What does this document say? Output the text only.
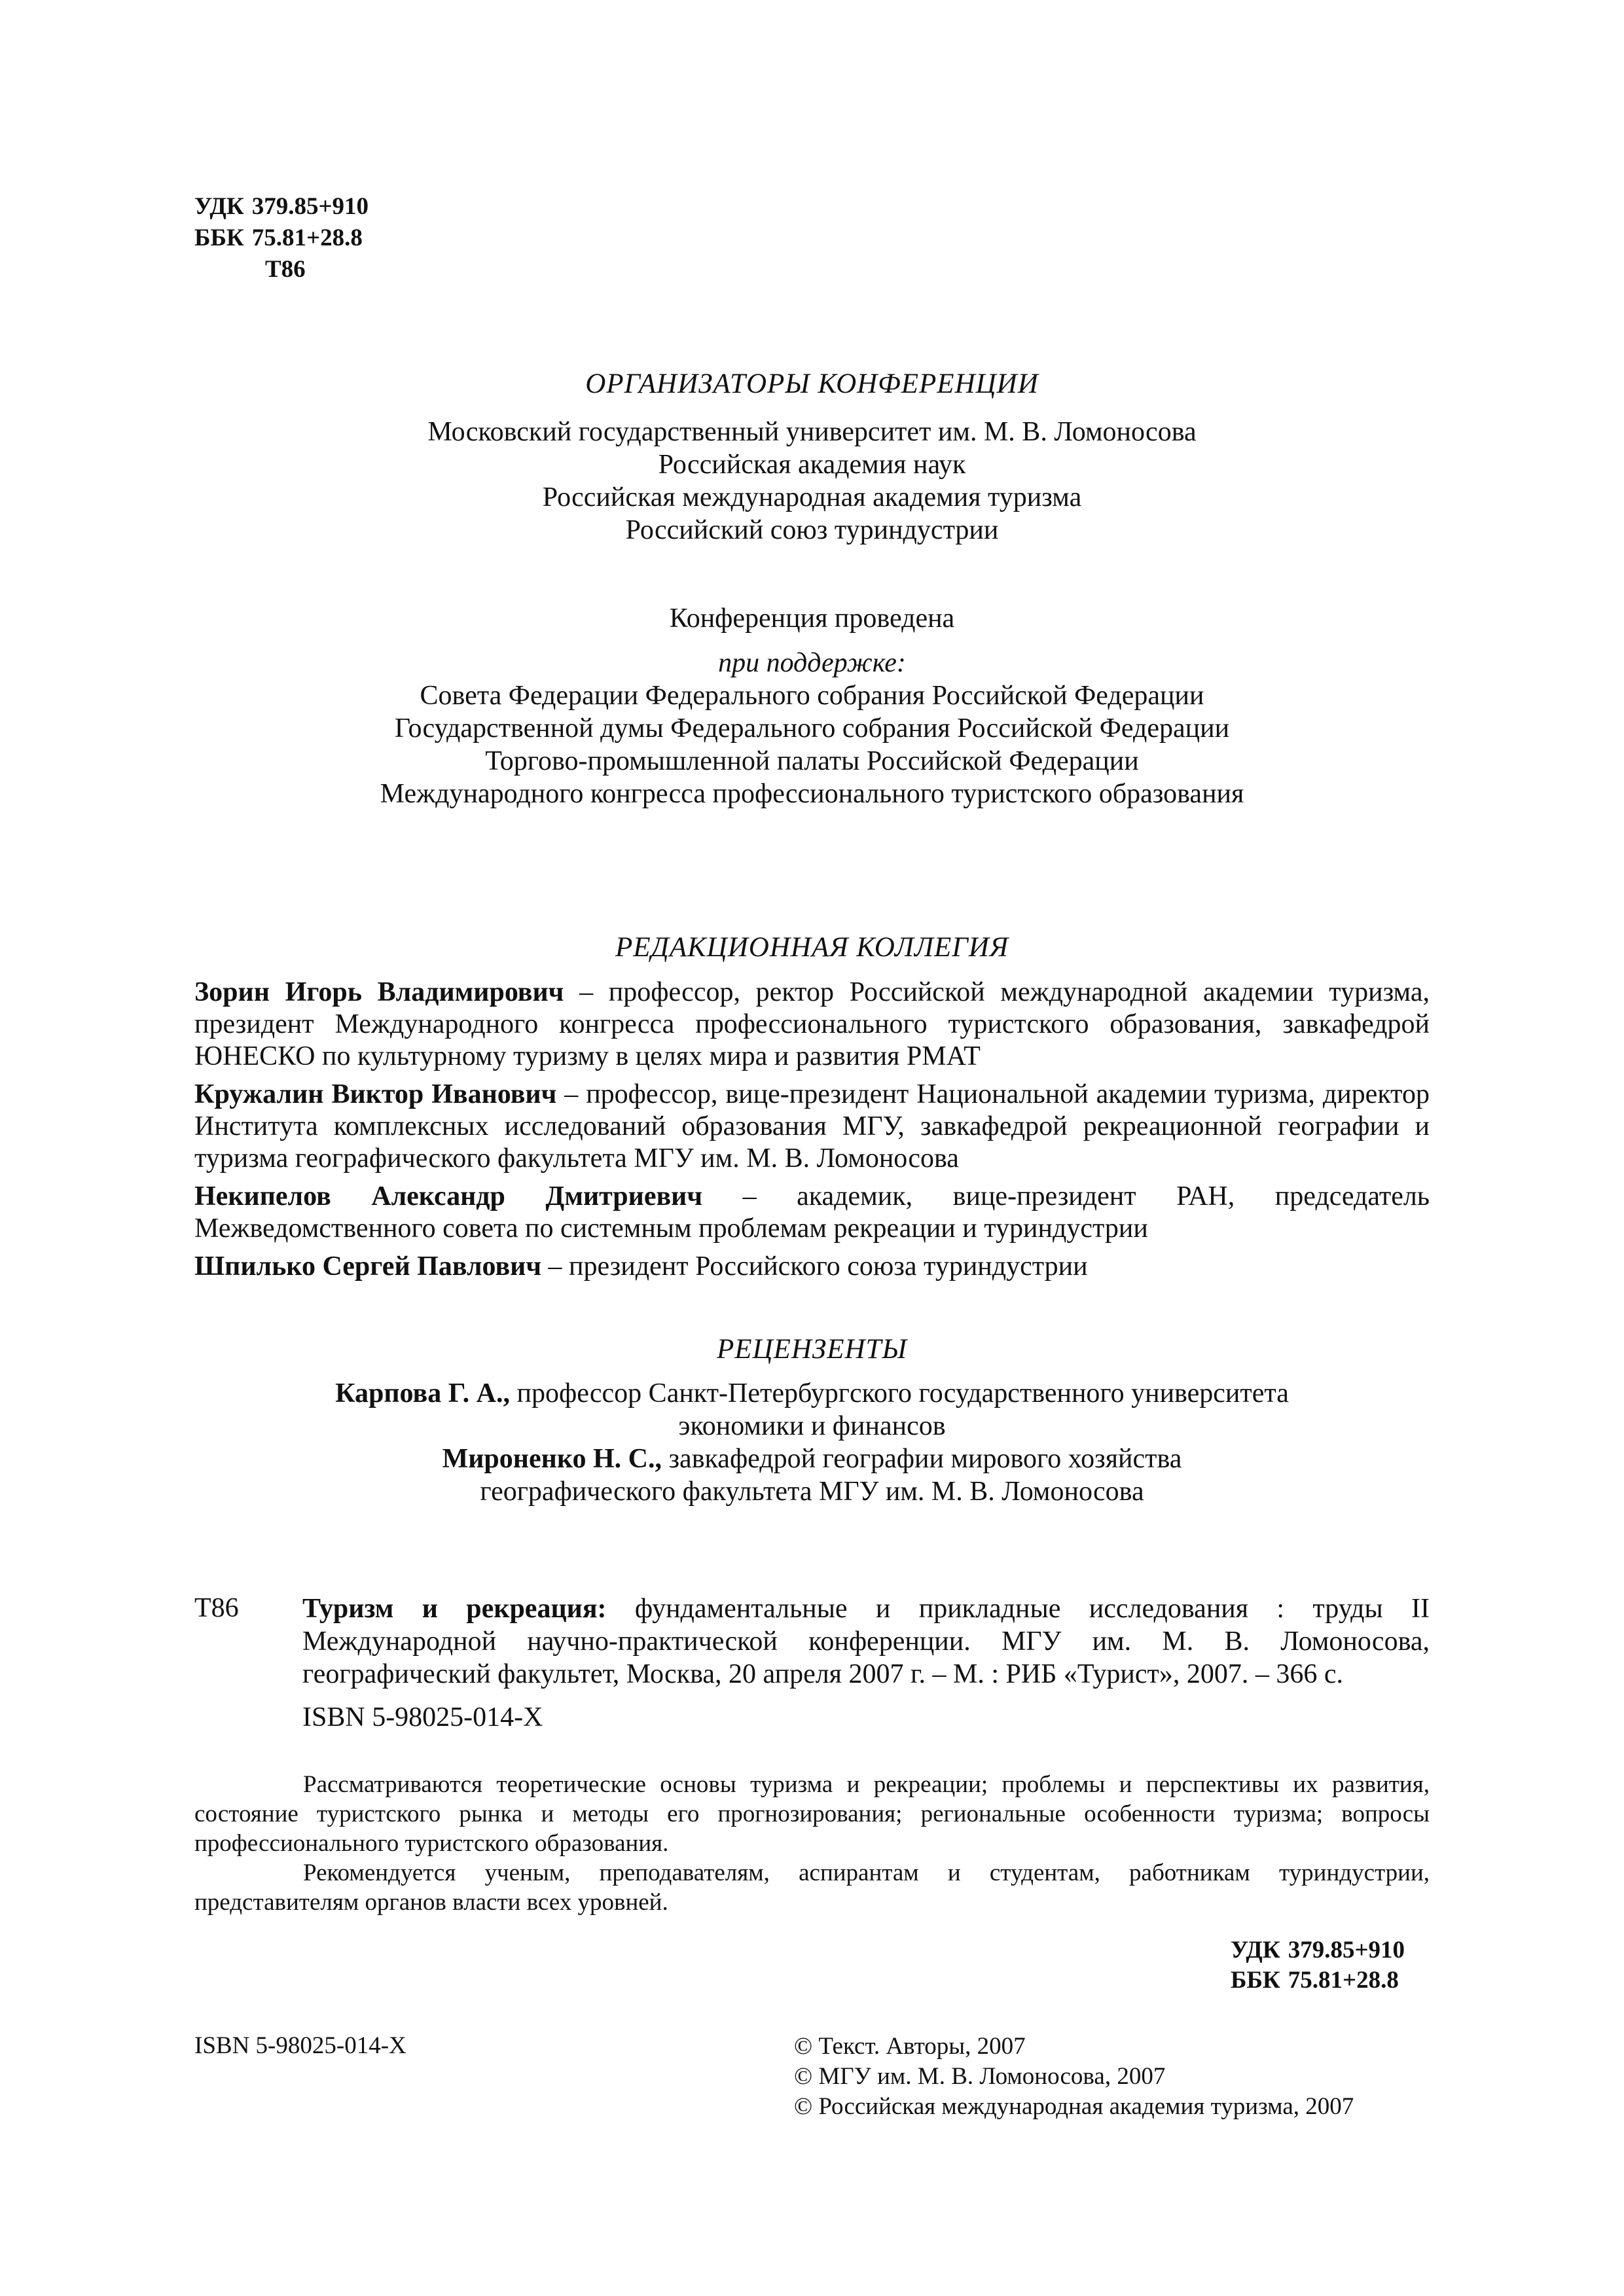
УДК 379.85+910
ББК 75.81+28.8
Т86
ОРГАНИЗАТОРЫ КОНФЕРЕНЦИИ
Московский государственный университет им. М. В. Ломоносова
Российская академия наук
Российская международная академия туризма
Российский союз туриндустрии
Конференция проведена
при поддержке:
Совета Федерации Федерального собрания Российской Федерации
Государственной думы Федерального собрания Российской Федерации
Торгово-промышленной палаты Российской Федерации
Международного конгресса профессионального туристского образования
РЕДАКЦИОННАЯ КОЛЛЕГИЯ

Зорин Игорь Владимирович – профессор, ректор Российской международной академии туризма, президент Международного конгресса профессионального туристского образования, завкафедрой ЮНЕСКО по культурному туризму в целях мира и развития РМАТ

Кружалин Виктор Иванович – профессор, вице-президент Национальной академии туризма, директор Института комплексных исследований образования МГУ, завкафедрой рекреационной географии и туризма географического факультета МГУ им. М. В. Ломоносова

Некипелов Александр Дмитриевич – академик, вице-президент РАН, председатель Межведомственного совета по системным проблемам рекреации и туриндустрии

Шпилько Сергей Павлович – президент Российского союза туриндустрии

РЕЦЕНЗЕНТЫ
Карпова Г. А., профессор Санкт-Петербургского государственного университета
экономики и финансов
Мироненко Н. С., завкафедрой географии мирового хозяйства
географического факультета МГУ им. М. В. Ломоносова
Т86 Туризм и рекреация: фундаментальные и прикладные исследования : труды II Международной научно-практической конференции. МГУ им. М. В. Ломоносова, географический факультет, Москва, 20 апреля 2007 г. – М. : РИБ «Турист», 2007. – 366 с.
ISBN 5-98025-014-X

Рассматриваются теоретические основы туризма и рекреации; проблемы и перспективы их развития, состояние туристского рынка и методы его прогнозирования; региональные особенности туризма; вопросы профессионального туристского образования.

Рекомендуется ученым, преподавателям, аспирантам и студентам, работникам туриндустрии, представителям органов власти всех уровней.

УДК 379.85+910
ББК 75.81+28.8
ISBN 5-98025-014-X	© Текст. Авторы, 2007
© МГУ им. М. В. Ломоносова, 2007
© Российская международная академия туризма, 2007
